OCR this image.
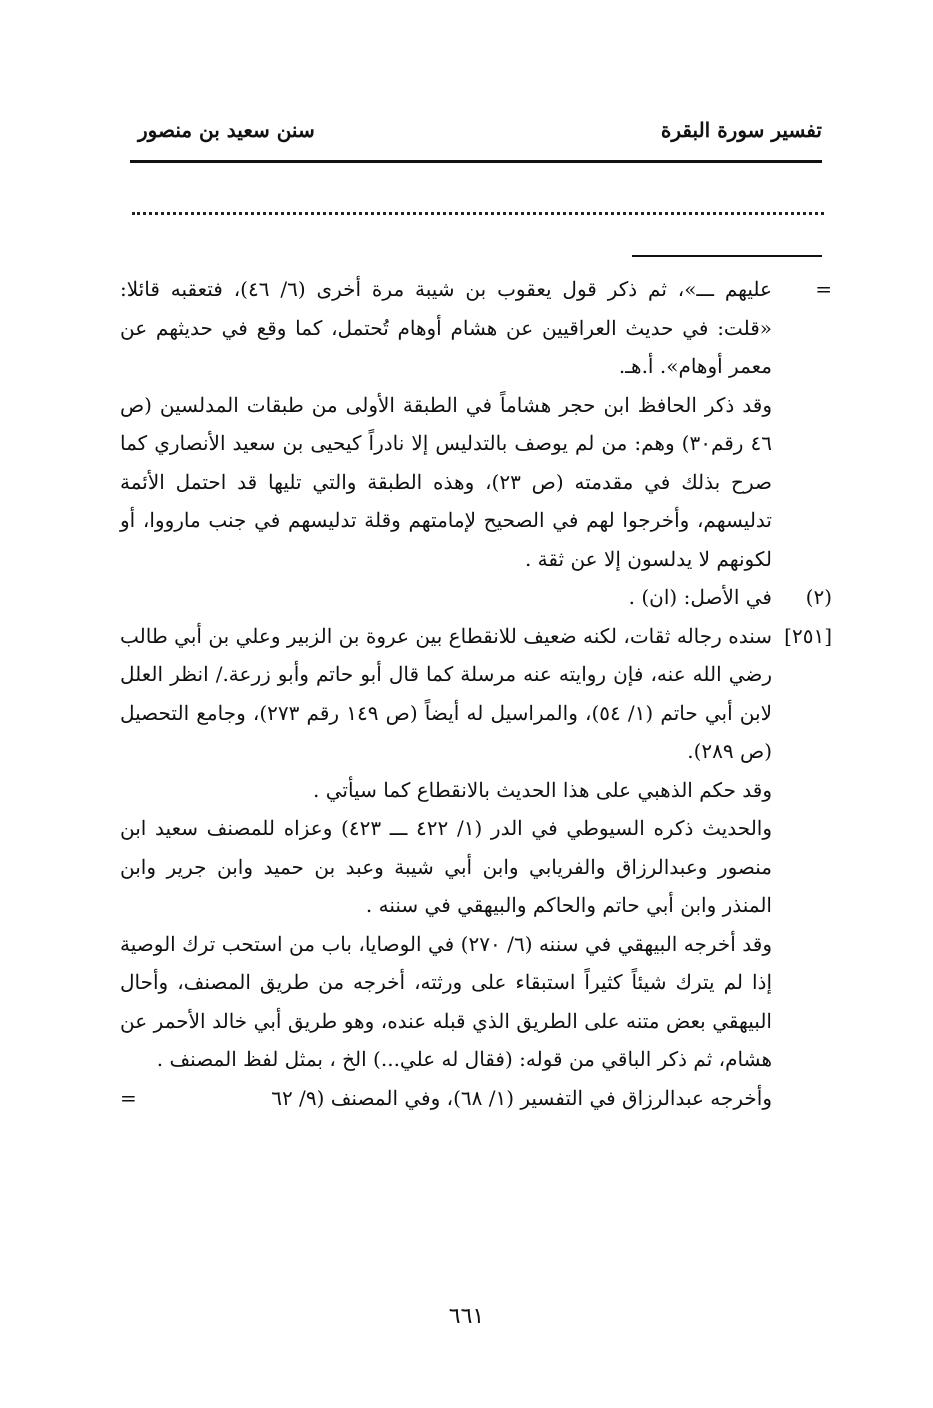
تفسير سورة البقرة
سنن سعيد بن منصور
=

عليهم ـــ»، ثم ذكر قول يعقوب بن شيبة مرة أخرى (٦/ ٤٦)، فتعقبه قائلا: «قلت: في حديث العراقيين عن هشام أوهام تُحتمل، كما وقع في حديثهم عن معمر أوهام». أ.هـ.

وقد ذكر الحافظ ابن حجر هشاماً في الطبقة الأولى من طبقات المدلسين (ص ٤٦ رقم٣٠) وهم: من لم يوصف بالتدليس إلا نادراً كيحيى بن سعيد الأنصاري كما صرح بذلك في مقدمته (ص ٢٣)، وهذه الطبقة والتي تليها قد احتمل الأئمة تدليسهم، وأخرجوا لهم في الصحيح لإمامتهم وقلة تدليسهم في جنب مارووا، أو لكونهم لا يدلسون إلا عن ثقة .

(٢)

في الأصل: (ان) .

[٢٥١]

سنده رجاله ثقات، لكنه ضعيف للانقطاع بين عروة بن الزبير وعلي بن أبي طالب رضي الله عنه، فإن روايته عنه مرسلة كما قال أبو حاتم وأبو زرعة./ انظر العلل لابن أبي حاتم (١/ ٥٤)، والمراسيل له أيضاً (ص ١٤٩ رقم ٢٧٣)، وجامع التحصيل (ص ٢٨٩).

وقد حكم الذهبي على هذا الحديث بالانقطاع كما سيأتي .

والحديث ذكره السيوطي في الدر (١/ ٤٢٢ ـــ ٤٢٣) وعزاه للمصنف سعيد ابن منصور وعبدالرزاق والفريابي وابن أبي شيبة وعبد بن حميد وابن جرير وابن المنذر وابن أبي حاتم والحاكم والبيهقي في سننه .

وقد أخرجه البيهقي في سننه (٦/ ٢٧٠) في الوصايا، باب من استحب ترك الوصية إذا لم يترك شيئاً كثيراً استبقاء على ورثته، أخرجه من طريق المصنف، وأحال البيهقي بعض متنه على الطريق الذي قبله عنده، وهو طريق أبي خالد الأحمر عن هشام، ثم ذكر الباقي من قوله: (فقال له علي...) الخ ، بمثل لفظ المصنف .

وأخرجه عبدالرزاق في التفسير (١/ ٦٨)، وفي المصنف (٩/ ٦٢
=

٦٦١
